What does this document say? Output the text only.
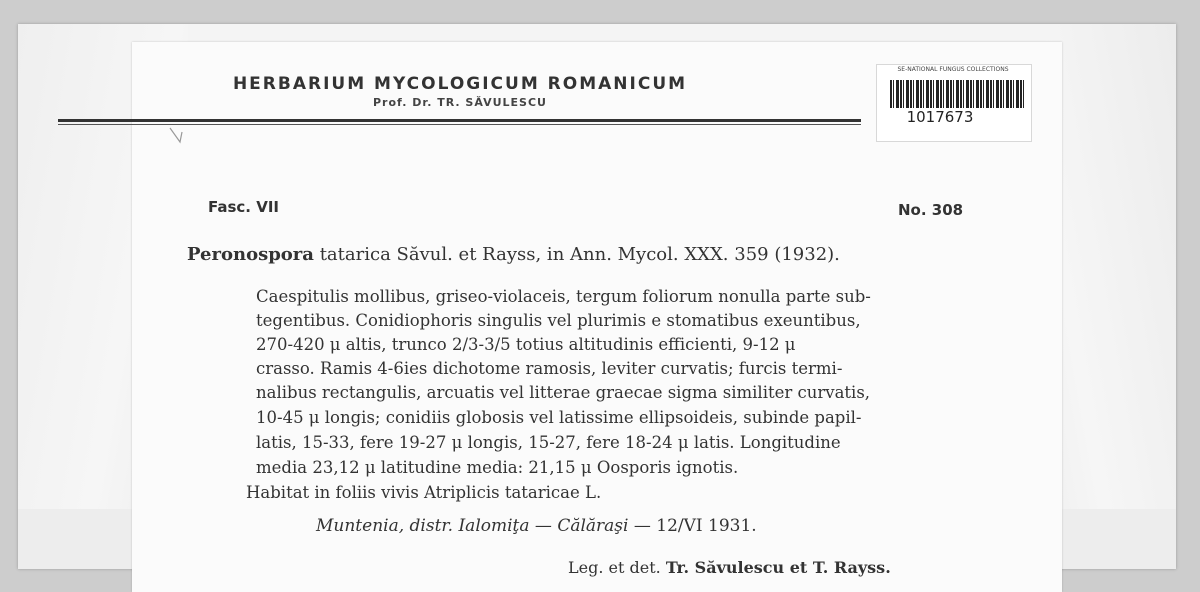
HERBARIUM MYCOLOGICUM ROMANICUM
Prof. Dr. TR. SĂVULESCU
SE-NATIONAL FUNGUS COLLECTIONS
1017673
Fasc. VII	No. 308
Peronospora tatarica Săvul. et Rayss, in Ann. Mycol. XXX. 359 (1932).
Caespitulis mollibus, griseo-violaceis, tergum foliorum nonulla parte sub-
tegentibus. Conidiophoris singulis vel plurimis e stomatibus exeuntibus,
270-420 μ altis, trunco 2/3-3/5 totius altitudinis efficienti, 9-12 μ
crasso. Ramis 4-6ies dichotome ramosis, leviter curvatis; furcis termi-
nalibus rectangulis, arcuatis vel litterae graecae sigma similiter curvatis,
10-45 μ longis; conidiis globosis vel latissime ellipsoideis, subinde papil-
latis, 15-33, fere 19-27 μ longis, 15-27, fere 18-24 μ latis. Longitudine
media 23,12 μ latitudine media: 21,15 μ Oosporis ignotis.
Habitat in foliis vivis Atriplicis tataricae L.
Muntenia, distr. Ialomiţa — Călăraşi — 12/VI 1931.
Leg. et det. Tr. Săvulescu et T. Rayss.
